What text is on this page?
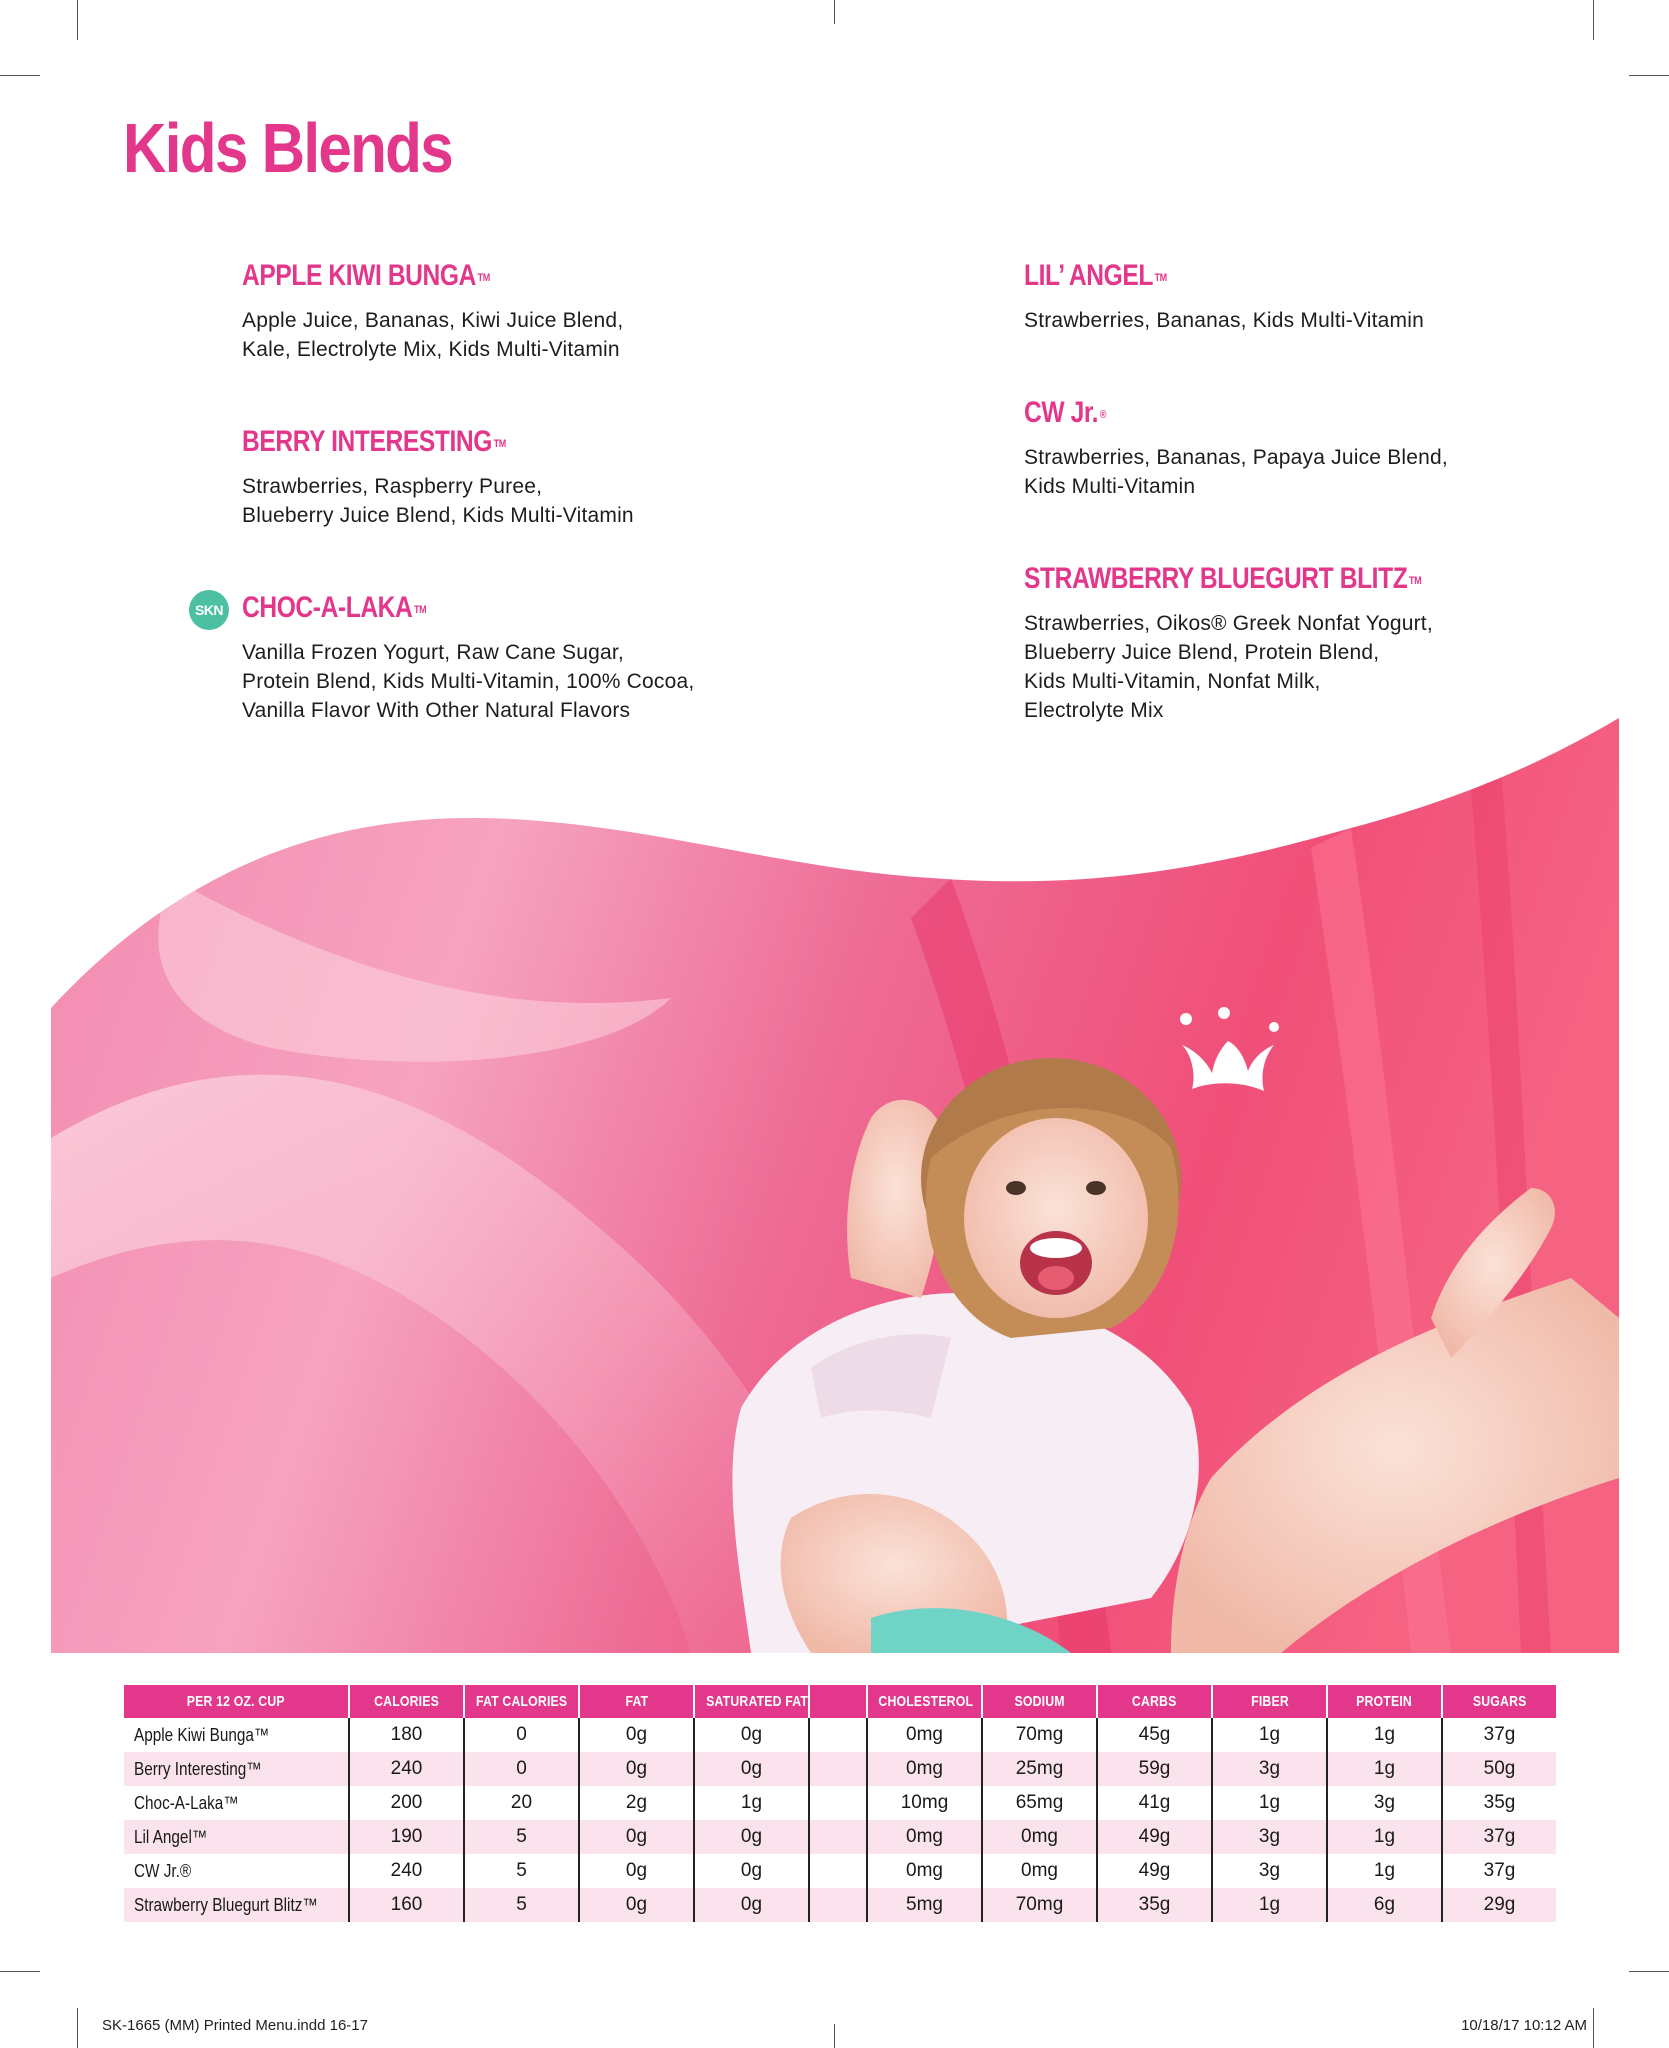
Kids Blends
APPLE KIWI BUNGA ™
Apple Juice, Bananas, Kiwi Juice Blend,
Kale, Electrolyte Mix, Kids Multi-Vitamin
BERRY INTERESTING ™
Strawberries, Raspberry Puree,
Blueberry Juice Blend, Kids Multi-Vitamin
SKN CHOC-A-LAKA ™
Vanilla Frozen Yogurt, Raw Cane Sugar,
Protein Blend, Kids Multi-Vitamin, 100% Cocoa,
Vanilla Flavor With Other Natural Flavors
LIL’ ANGEL ™
Strawberries, Bananas, Kids Multi-Vitamin
CW Jr. ®
Strawberries, Bananas, Papaya Juice Blend,
Kids Multi-Vitamin
STRAWBERRY BLUEGURT BLITZ ™
Strawberries, Oikos® Greek Nonfat Yogurt,
Blueberry Juice Blend, Protein Blend,
Kids Multi-Vitamin, Nonfat Milk,
Electrolyte Mix
PER 12 OZ. CUP	CALORIES	FAT CALORIES	FAT	SATURATED FAT		CHOLESTEROL	SODIUM	CARBS	FIBER	PROTEIN	SUGARS
Apple Kiwi Bunga™	180	0	0g	0g		0mg	70mg	45g	1g	1g	37g
Berry Interesting™	240	0	0g	0g		0mg	25mg	59g	3g	1g	50g
Choc-A-Laka™	200	20	2g	1g		10mg	65mg	41g	1g	3g	35g
Lil Angel™	190	5	0g	0g		0mg	0mg	49g	3g	1g	37g
CW Jr.®	240	5	0g	0g		0mg	0mg	49g	3g	1g	37g
Strawberry Bluegurt Blitz™	160	5	0g	0g		5mg	70mg	35g	1g	6g	29g
SK-1665 (MM) Printed Menu.indd 16-17	10/18/17 10:12 AM
